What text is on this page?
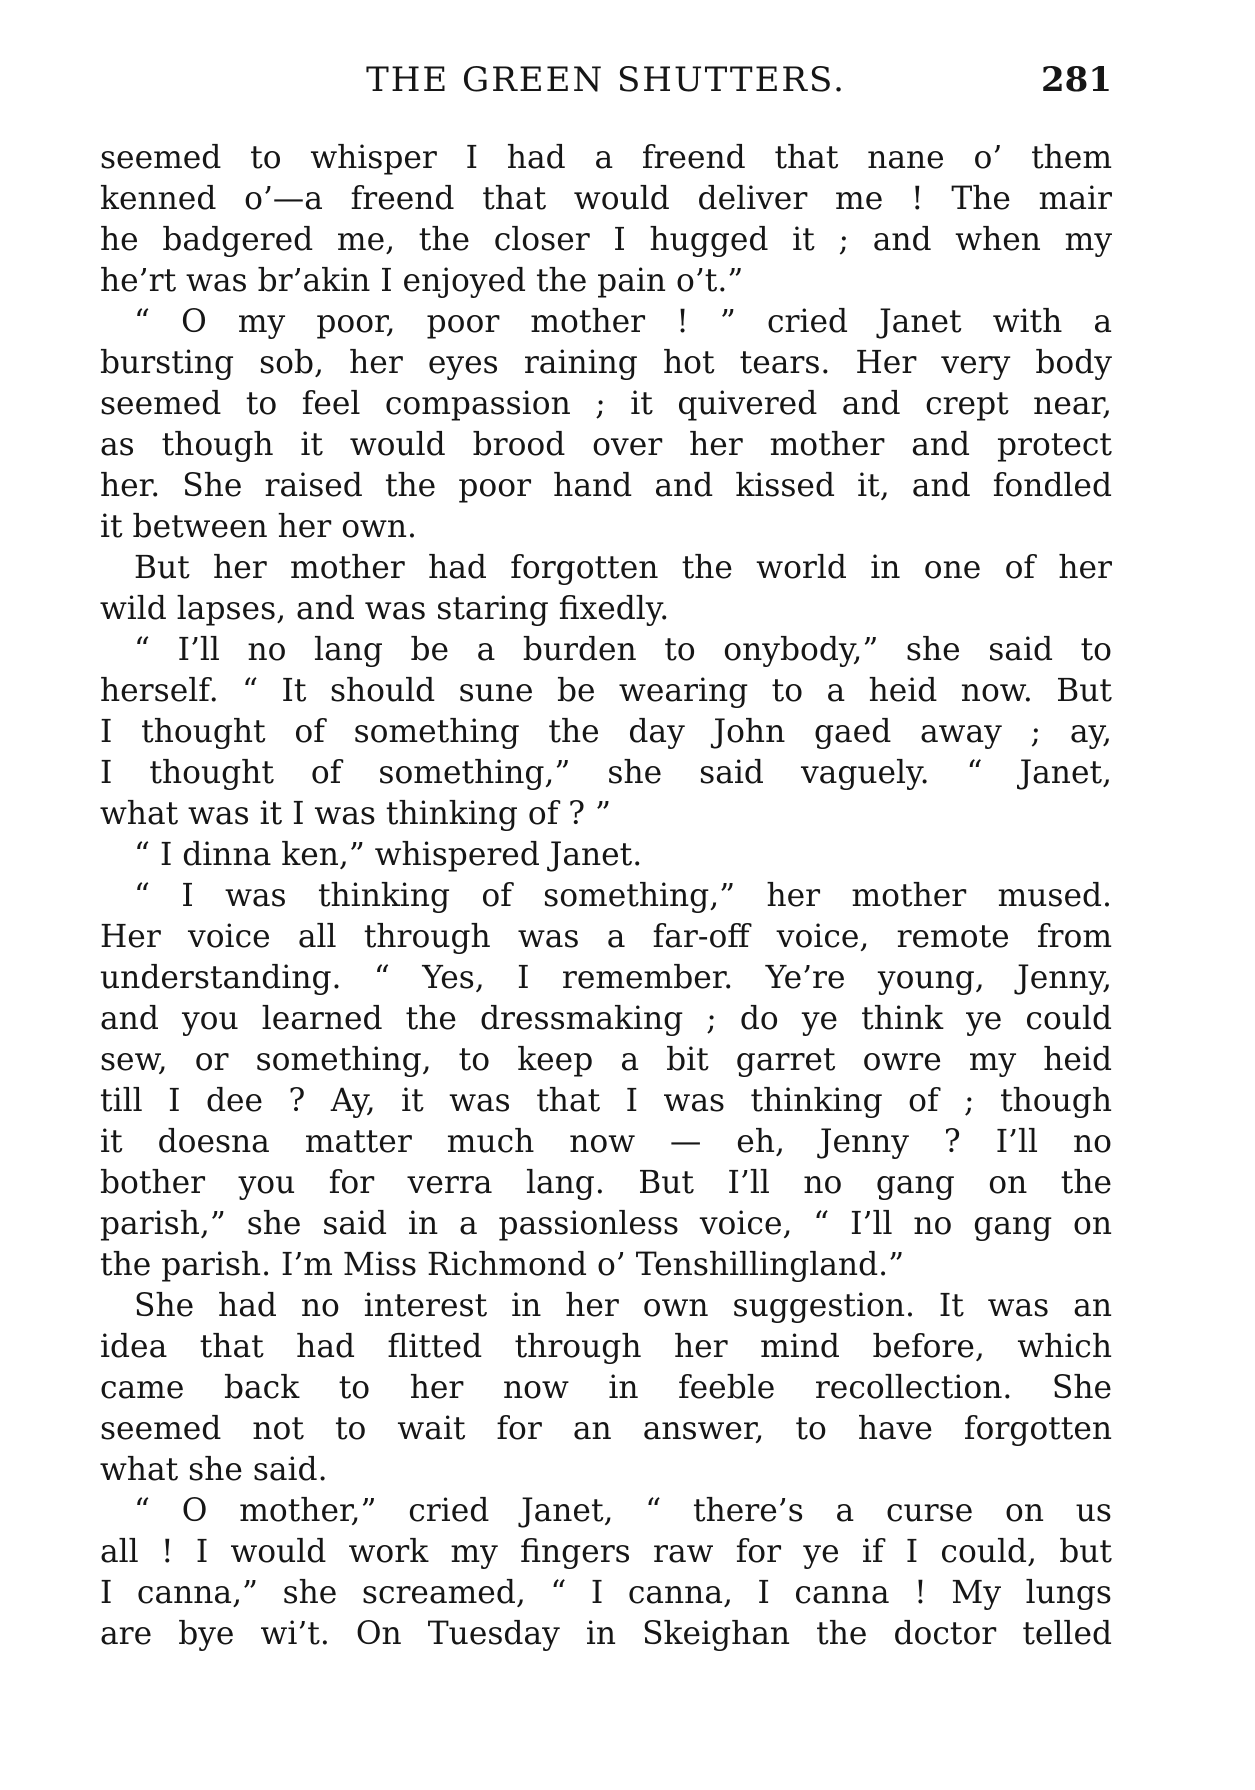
THE GREEN SHUTTERS.	281
seemed to whisper I had a freend that nane o’ them
kenned o’—a freend that would deliver me ! The mair
he badgered me, the closer I hugged it ; and when my
he’rt was br’akin I enjoyed the pain o’t.”
“ O my poor, poor mother ! ” cried Janet with a
bursting sob, her eyes raining hot tears. Her very body
seemed to feel compassion ; it quivered and crept near,
as though it would brood over her mother and protect
her. She raised the poor hand and kissed it, and fondled
it between her own.
But her mother had forgotten the world in one of her
wild lapses, and was staring fixedly.
“ I’ll no lang be a burden to onybody,” she said to
herself. “ It should sune be wearing to a heid now. But
I thought of something the day John gaed away ; ay,
I thought of something,” she said vaguely. “ Janet,
what was it I was thinking of ? ”
“ I dinna ken,” whispered Janet.
“ I was thinking of something,” her mother mused.
Her voice all through was a far-off voice, remote from
understanding. “ Yes, I remember. Ye’re young, Jenny,
and you learned the dressmaking ; do ye think ye could
sew, or something, to keep a bit garret owre my heid
till I dee ? Ay, it was that I was thinking of ; though
it doesna matter much now — eh, Jenny ? I’ll no
bother you for verra lang. But I’ll no gang on the
parish,” she said in a passionless voice, “ I’ll no gang on
the parish. I’m Miss Richmond o’ Tenshillingland.”
She had no interest in her own suggestion. It was an
idea that had flitted through her mind before, which
came back to her now in feeble recollection. She
seemed not to wait for an answer, to have forgotten
what she said.
“ O mother,” cried Janet, “ there’s a curse on us
all ! I would work my fingers raw for ye if I could, but
I canna,” she screamed, “ I canna, I canna ! My lungs
are bye wi’t. On Tuesday in Skeighan the doctor telled
